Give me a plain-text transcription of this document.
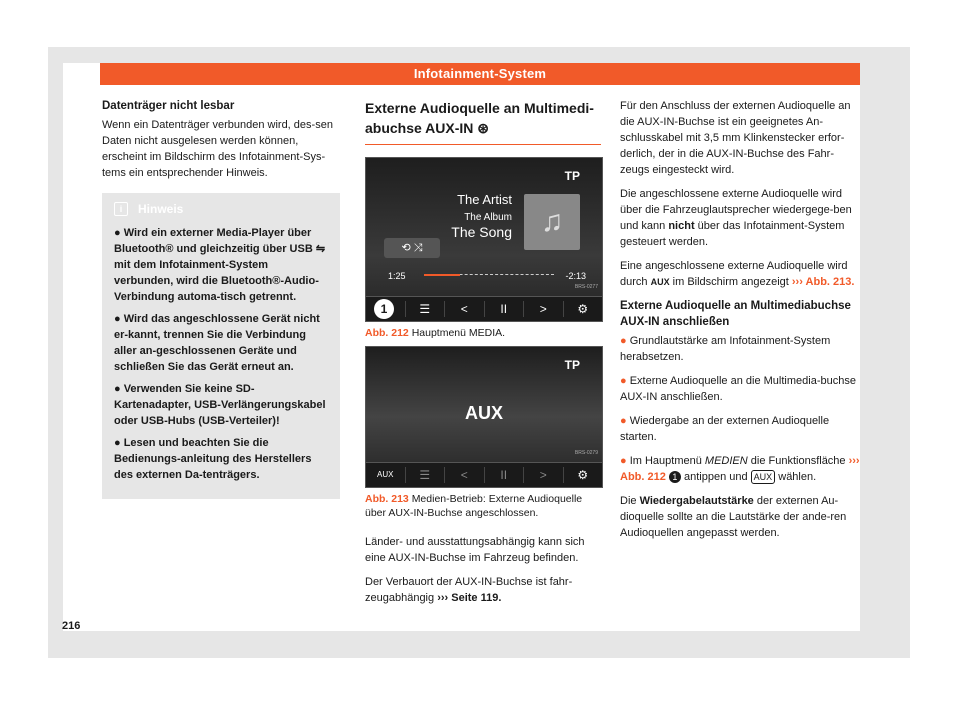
Infotainment-System
Datenträger nicht lesbar

Wenn ein Datenträger verbunden wird, des-sen Daten nicht ausgelesen werden können, erscheint im Bildschirm des Infotainment-Sys-tems ein entsprechender Hinweis.

i	Hinweis

● Wird ein externer Media-Player über Bluetooth® und gleichzeitig über USB ⇋ mit dem Infotainment-System verbunden, wird die Bluetooth®-Audio-Verbindung automa-tisch getrennt.

● Wird das angeschlossene Gerät nicht er-kannt, trennen Sie die Verbindung aller an-geschlossenen Geräte und schließen Sie das Gerät erneut an.

● Verwenden Sie keine SD-Kartenadapter, USB-Verlängerungskabel oder USB-Hubs (USB-Verteiler)!

● Lesen und beachten Sie die Bedienungs-anleitung des Herstellers des externen Da-tenträgers.

Externe Audioquelle an Multimedi-abuchse AUX-IN ⊛
TP
The Artist
The Album
The Song ♫
⟲ ⤨
1:25	-2:13
BRS-0277
☰	<	II	>	⚙
1
Abb. 212 Hauptmenü MEDIA.
TP
AUX
BRS-0279
AUX	☰	<	II	>	⚙
Abb. 213 Medien-Betrieb: Externe Audioquelle über AUX-IN-Buchse angeschlossen.

Länder- und ausstattungsabhängig kann sich eine AUX-IN-Buchse im Fahrzeug befinden.

Der Verbauort der AUX-IN-Buchse ist fahr-zeugabhängig ››› Seite 119.

Für den Anschluss der externen Audioquelle an die AUX-IN-Buchse ist ein geeignetes An-schlusskabel mit 3,5 mm Klinkenstecker erfor-derlich, der in die AUX-IN-Buchse des Fahr-zeugs eingesteckt wird.

Die angeschlossene externe Audioquelle wird über die Fahrzeuglautsprecher wiedergege-ben und kann nicht über das Infotainment-System gesteuert werden.

Eine angeschlossene externe Audioquelle wird durch AUX im Bildschirm angezeigt ››› Abb. 213.

Externe Audioquelle an Multimediabuchse AUX-IN anschließen

● Grundlautstärke am Infotainment-System herabsetzen.

● Externe Audioquelle an die Multimedia-buchse AUX-IN anschließen.

● Wiedergabe an der externen Audioquelle starten.

● Im Hauptmenü MEDIEN die Funktionsfläche ››› Abb. 212 1 antippen und AUX wählen.

Die Wiedergabelautstärke der externen Au-dioquelle sollte an die Lautstärke der ande-ren Audioquellen angepasst werden.

216
